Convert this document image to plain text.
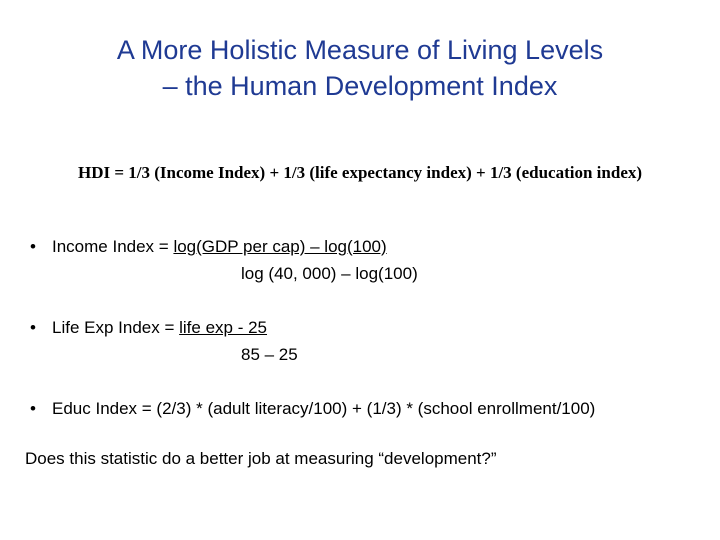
A More Holistic Measure of Living Levels
– the Human Development Index
HDI = 1/3 (Income Index) + 1/3 (life expectancy index) + 1/3 (education index)
• Income Index = log(GDP per cap) – log(100)
log (40, 000) – log(100)
• Life Exp Index = life exp - 25
85 – 25
• Educ Index = (2/3) * (adult literacy/100) + (1/3) * (school enrollment/100)
Does this statistic do a better job at measuring “development?”
